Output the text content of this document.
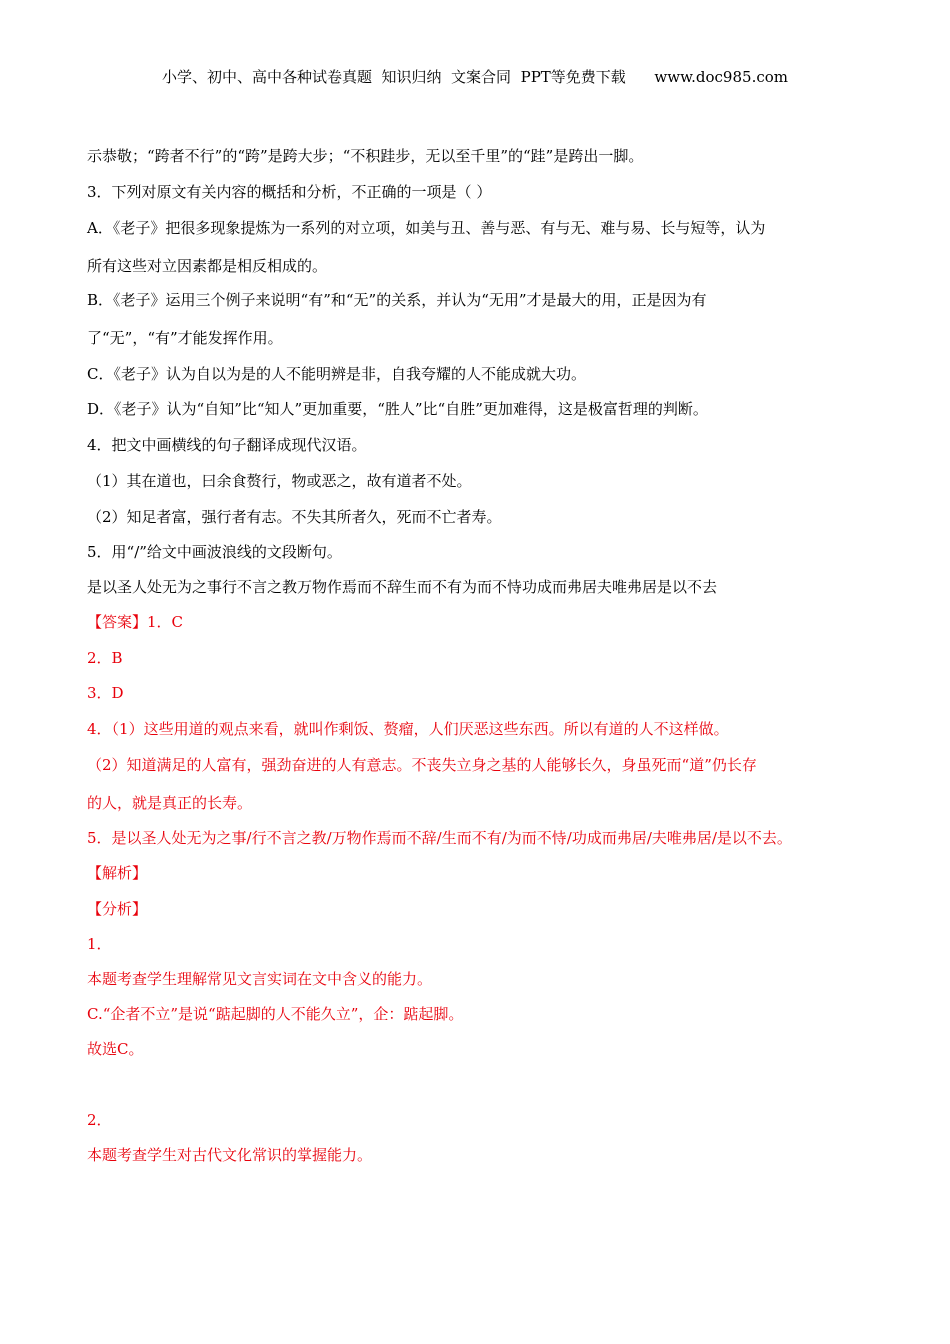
小学、初中、高中各种试卷真题  知识归纳  文案合同  PPT等免费下载      www.doc985.com
示恭敬；“跨者不行”的“跨”是跨大步；“不积跬步，无以至千里”的“跬”是跨出一脚。
3．下列对原文有关内容的概括和分析，不正确的一项是（ ）
A．《老子》把很多现象提炼为一系列的对立项，如美与丑、善与恶、有与无、难与易、长与短等，认为
所有这些对立因素都是相反相成的。
B．《老子》运用三个例子来说明“有”和“无”的关系，并认为“无用”才是最大的用，正是因为有
了“无”，“有”才能发挥作用。
C．《老子》认为自以为是的人不能明辨是非，自我夸耀的人不能成就大功。
D．《老子》认为“自知”比“知人”更加重要，“胜人”比“自胜”更加难得，这是极富哲理的判断。
4．把文中画横线的句子翻译成现代汉语。
（1）其在道也，曰余食赘行，物或恶之，故有道者不处。
（2）知足者富，强行者有志。不失其所者久，死而不亡者寿。
5．用“/”给文中画波浪线的文段断句。
是以圣人处无为之事行不言之教万物作焉而不辞生而不有为而不恃功成而弗居夫唯弗居是以不去
【答案】1．C
2．B
3．D
4．（1）这些用道的观点来看，就叫作剩饭、赘瘤，人们厌恶这些东西。所以有道的人不这样做。
（2）知道满足的人富有，强劲奋进的人有意志。不丧失立身之基的人能够长久，身虽死而“道”仍长存
的人，就是真正的长寿。
5．是以圣人处无为之事/行不言之教/万物作焉而不辞/生而不有/为而不恃/功成而弗居/夫唯弗居/是以不去。
【解析】
【分析】
1．
本题考查学生理解常见文言实词在文中含义的能力。
C.“企者不立”是说“踮起脚的人不能久立”，企：踮起脚。
故选C。
2．
本题考查学生对古代文化常识的掌握能力。
